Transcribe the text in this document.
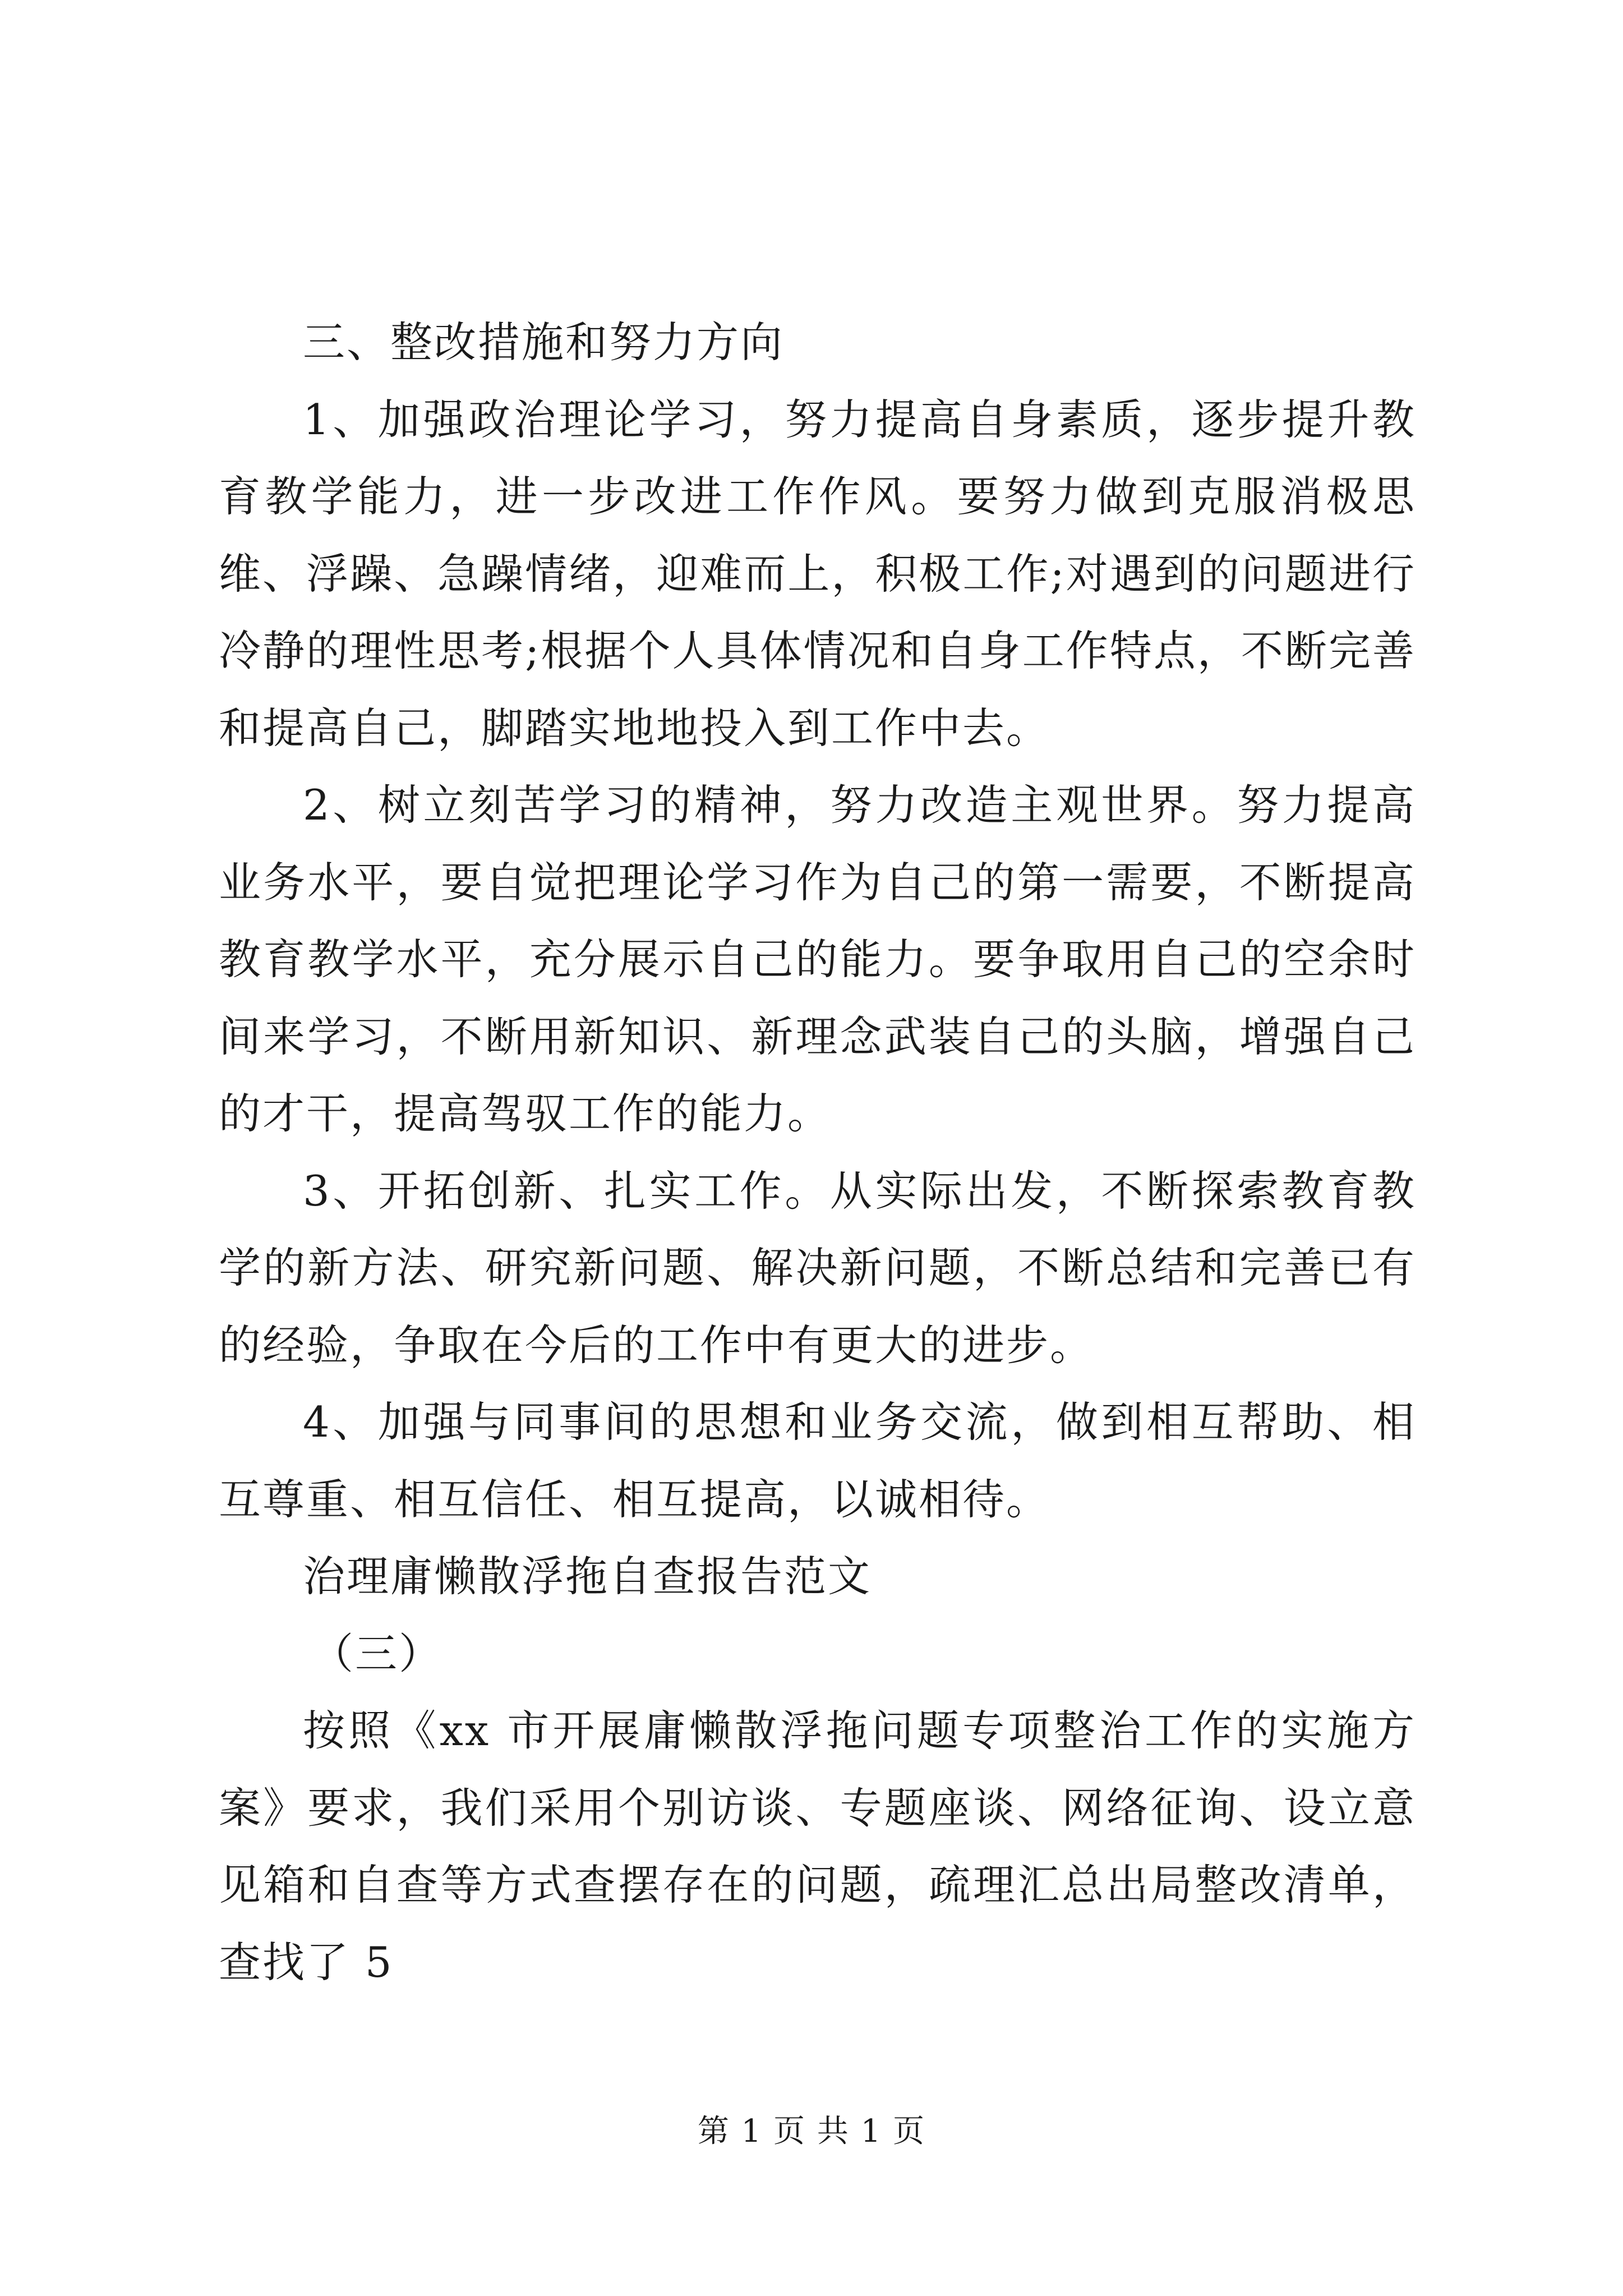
三、整改措施和努力方向

1、加强政治理论学习，努力提高自身素质，逐步提升教育教学能力，进一步改进工作作风。要努力做到克服消极思维、浮躁、急躁情绪，迎难而上，积极工作;对遇到的问题进行冷静的理性思考;根据个人具体情况和自身工作特点，不断完善和提高自己，脚踏实地地投入到工作中去。

2、树立刻苦学习的精神，努力改造主观世界。努力提高业务水平，要自觉把理论学习作为自己的第一需要，不断提高教育教学水平，充分展示自己的能力。要争取用自己的空余时间来学习，不断用新知识、新理念武装自己的头脑，增强自己的才干，提高驾驭工作的能力。

3、开拓创新、扎实工作。从实际出发，不断探索教育教学的新方法、研究新问题、解决新问题，不断总结和完善已有的经验，争取在今后的工作中有更大的进步。

4、加强与同事间的思想和业务交流，做到相互帮助、相互尊重、相互信任、相互提高，以诚相待。

治理庸懒散浮拖自查报告范文

（三）

按照《xx 市开展庸懒散浮拖问题专项整治工作的实施方案》要求，我们采用个别访谈、专题座谈、网络征询、设立意见箱和自查等方式查摆存在的问题，疏理汇总出局整改清单，查找了 5

第 1 页 共 1 页
